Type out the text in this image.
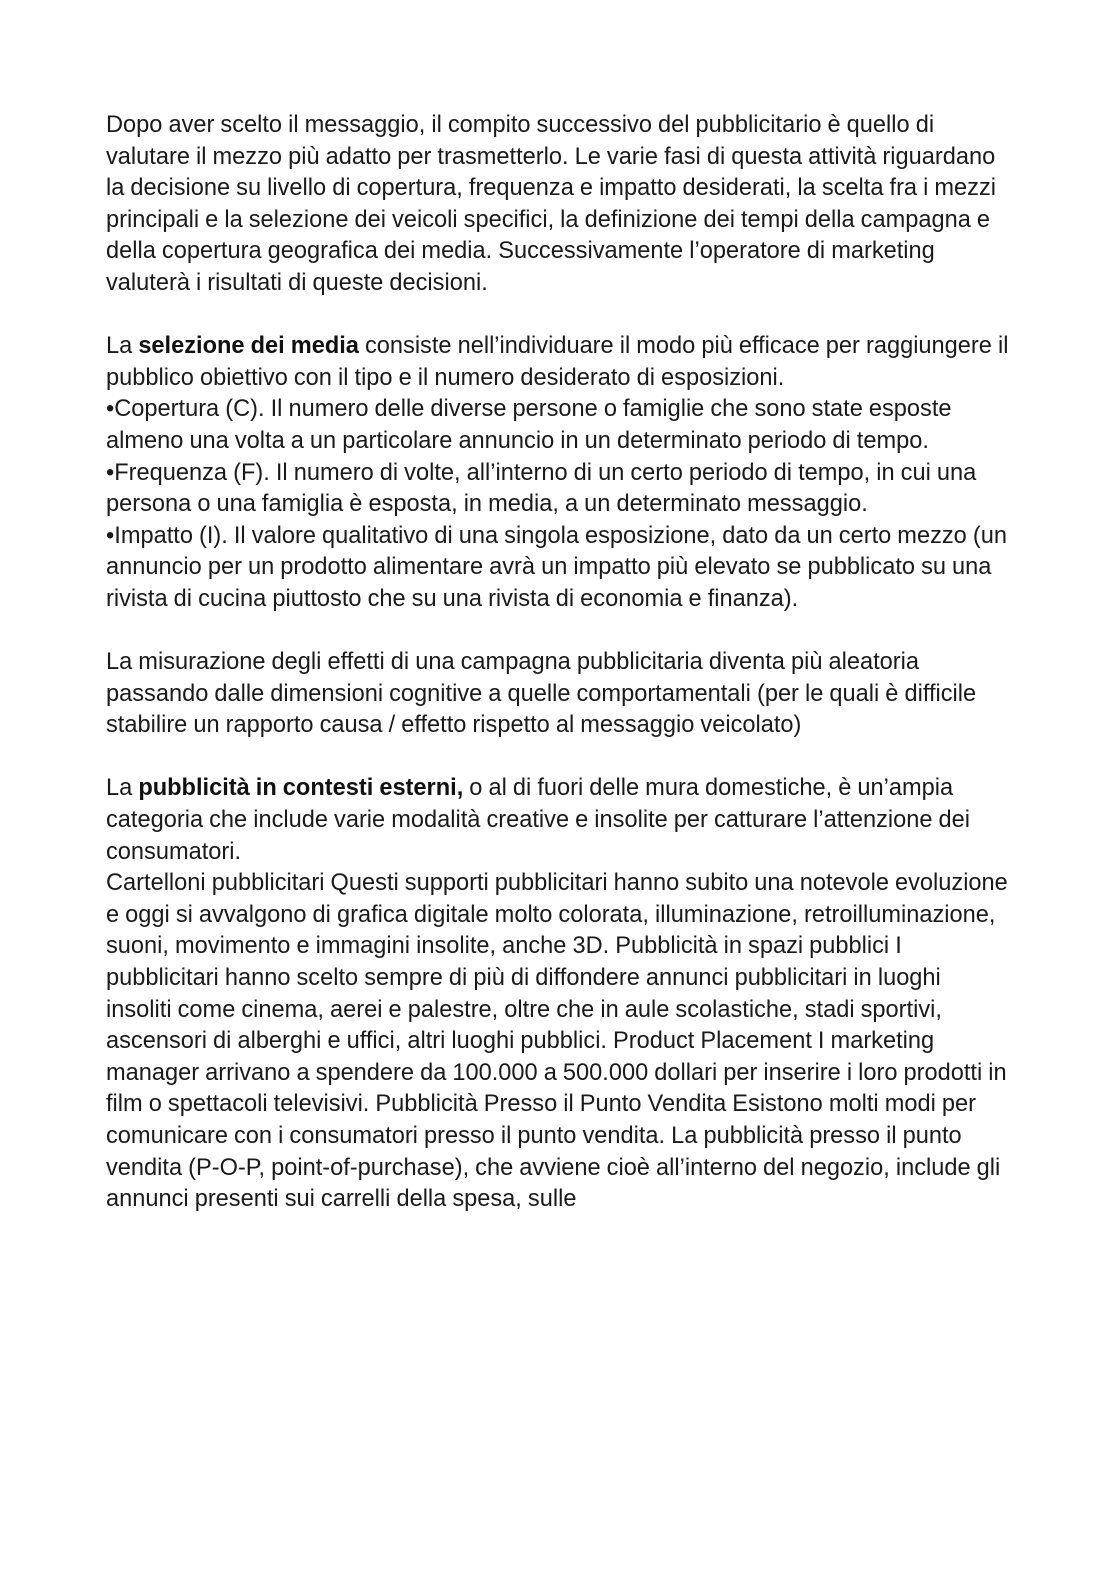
Dopo aver scelto il messaggio, il compito successivo del pubblicitario è quello di valutare il mezzo più adatto per trasmetterlo. Le varie fasi di questa attività riguardano la decisione su livello di copertura, frequenza e impatto desiderati, la scelta fra i mezzi principali e la selezione dei veicoli specifici, la definizione dei tempi della campagna e della copertura geografica dei media. Successivamente l’operatore di marketing valuterà i risultati di queste decisioni.

La selezione dei media consiste nell’individuare il modo più efficace per raggiungere il pubblico obiettivo con il tipo e il numero desiderato di esposizioni.

•Copertura (C). Il numero delle diverse persone o famiglie che sono state esposte almeno una volta a un particolare annuncio in un determinato periodo di tempo.

•Frequenza (F). Il numero di volte, all’interno di un certo periodo di tempo, in cui una persona o una famiglia è esposta, in media, a un determinato messaggio.

•Impatto (I). Il valore qualitativo di una singola esposizione, dato da un certo mezzo (un annuncio per un prodotto alimentare avrà un impatto più elevato se pubblicato su una rivista di cucina piuttosto che su una rivista di economia e finanza).

La misurazione degli effetti di una campagna pubblicitaria diventa più aleatoria passando dalle dimensioni cognitive a quelle comportamentali (per le quali è difficile stabilire un rapporto causa / effetto rispetto al messaggio veicolato)

La pubblicità in contesti esterni, o al di fuori delle mura domestiche, è un’ampia categoria che include varie modalità creative e insolite per catturare l’attenzione dei consumatori.

Cartelloni pubblicitari Questi supporti pubblicitari hanno subito una notevole evoluzione e oggi si avvalgono di grafica digitale molto colorata, illuminazione, retroilluminazione, suoni, movimento e immagini insolite, anche 3D. Pubblicità in spazi pubblici I pubblicitari hanno scelto sempre di più di diffondere annunci pubblicitari in luoghi insoliti come cinema, aerei e palestre, oltre che in aule scolastiche, stadi sportivi, ascensori di alberghi e uffici, altri luoghi pubblici. Product Placement I marketing manager arrivano a spendere da 100.000 a 500.000 dollari per inserire i loro prodotti in film o spettacoli televisivi. Pubblicità Presso il Punto Vendita Esistono molti modi per comunicare con i consumatori presso il punto vendita. La pubblicità presso il punto vendita (P-O-P, point-of-purchase), che avviene cioè all’interno del negozio, include gli annunci presenti sui carrelli della spesa, sulle
